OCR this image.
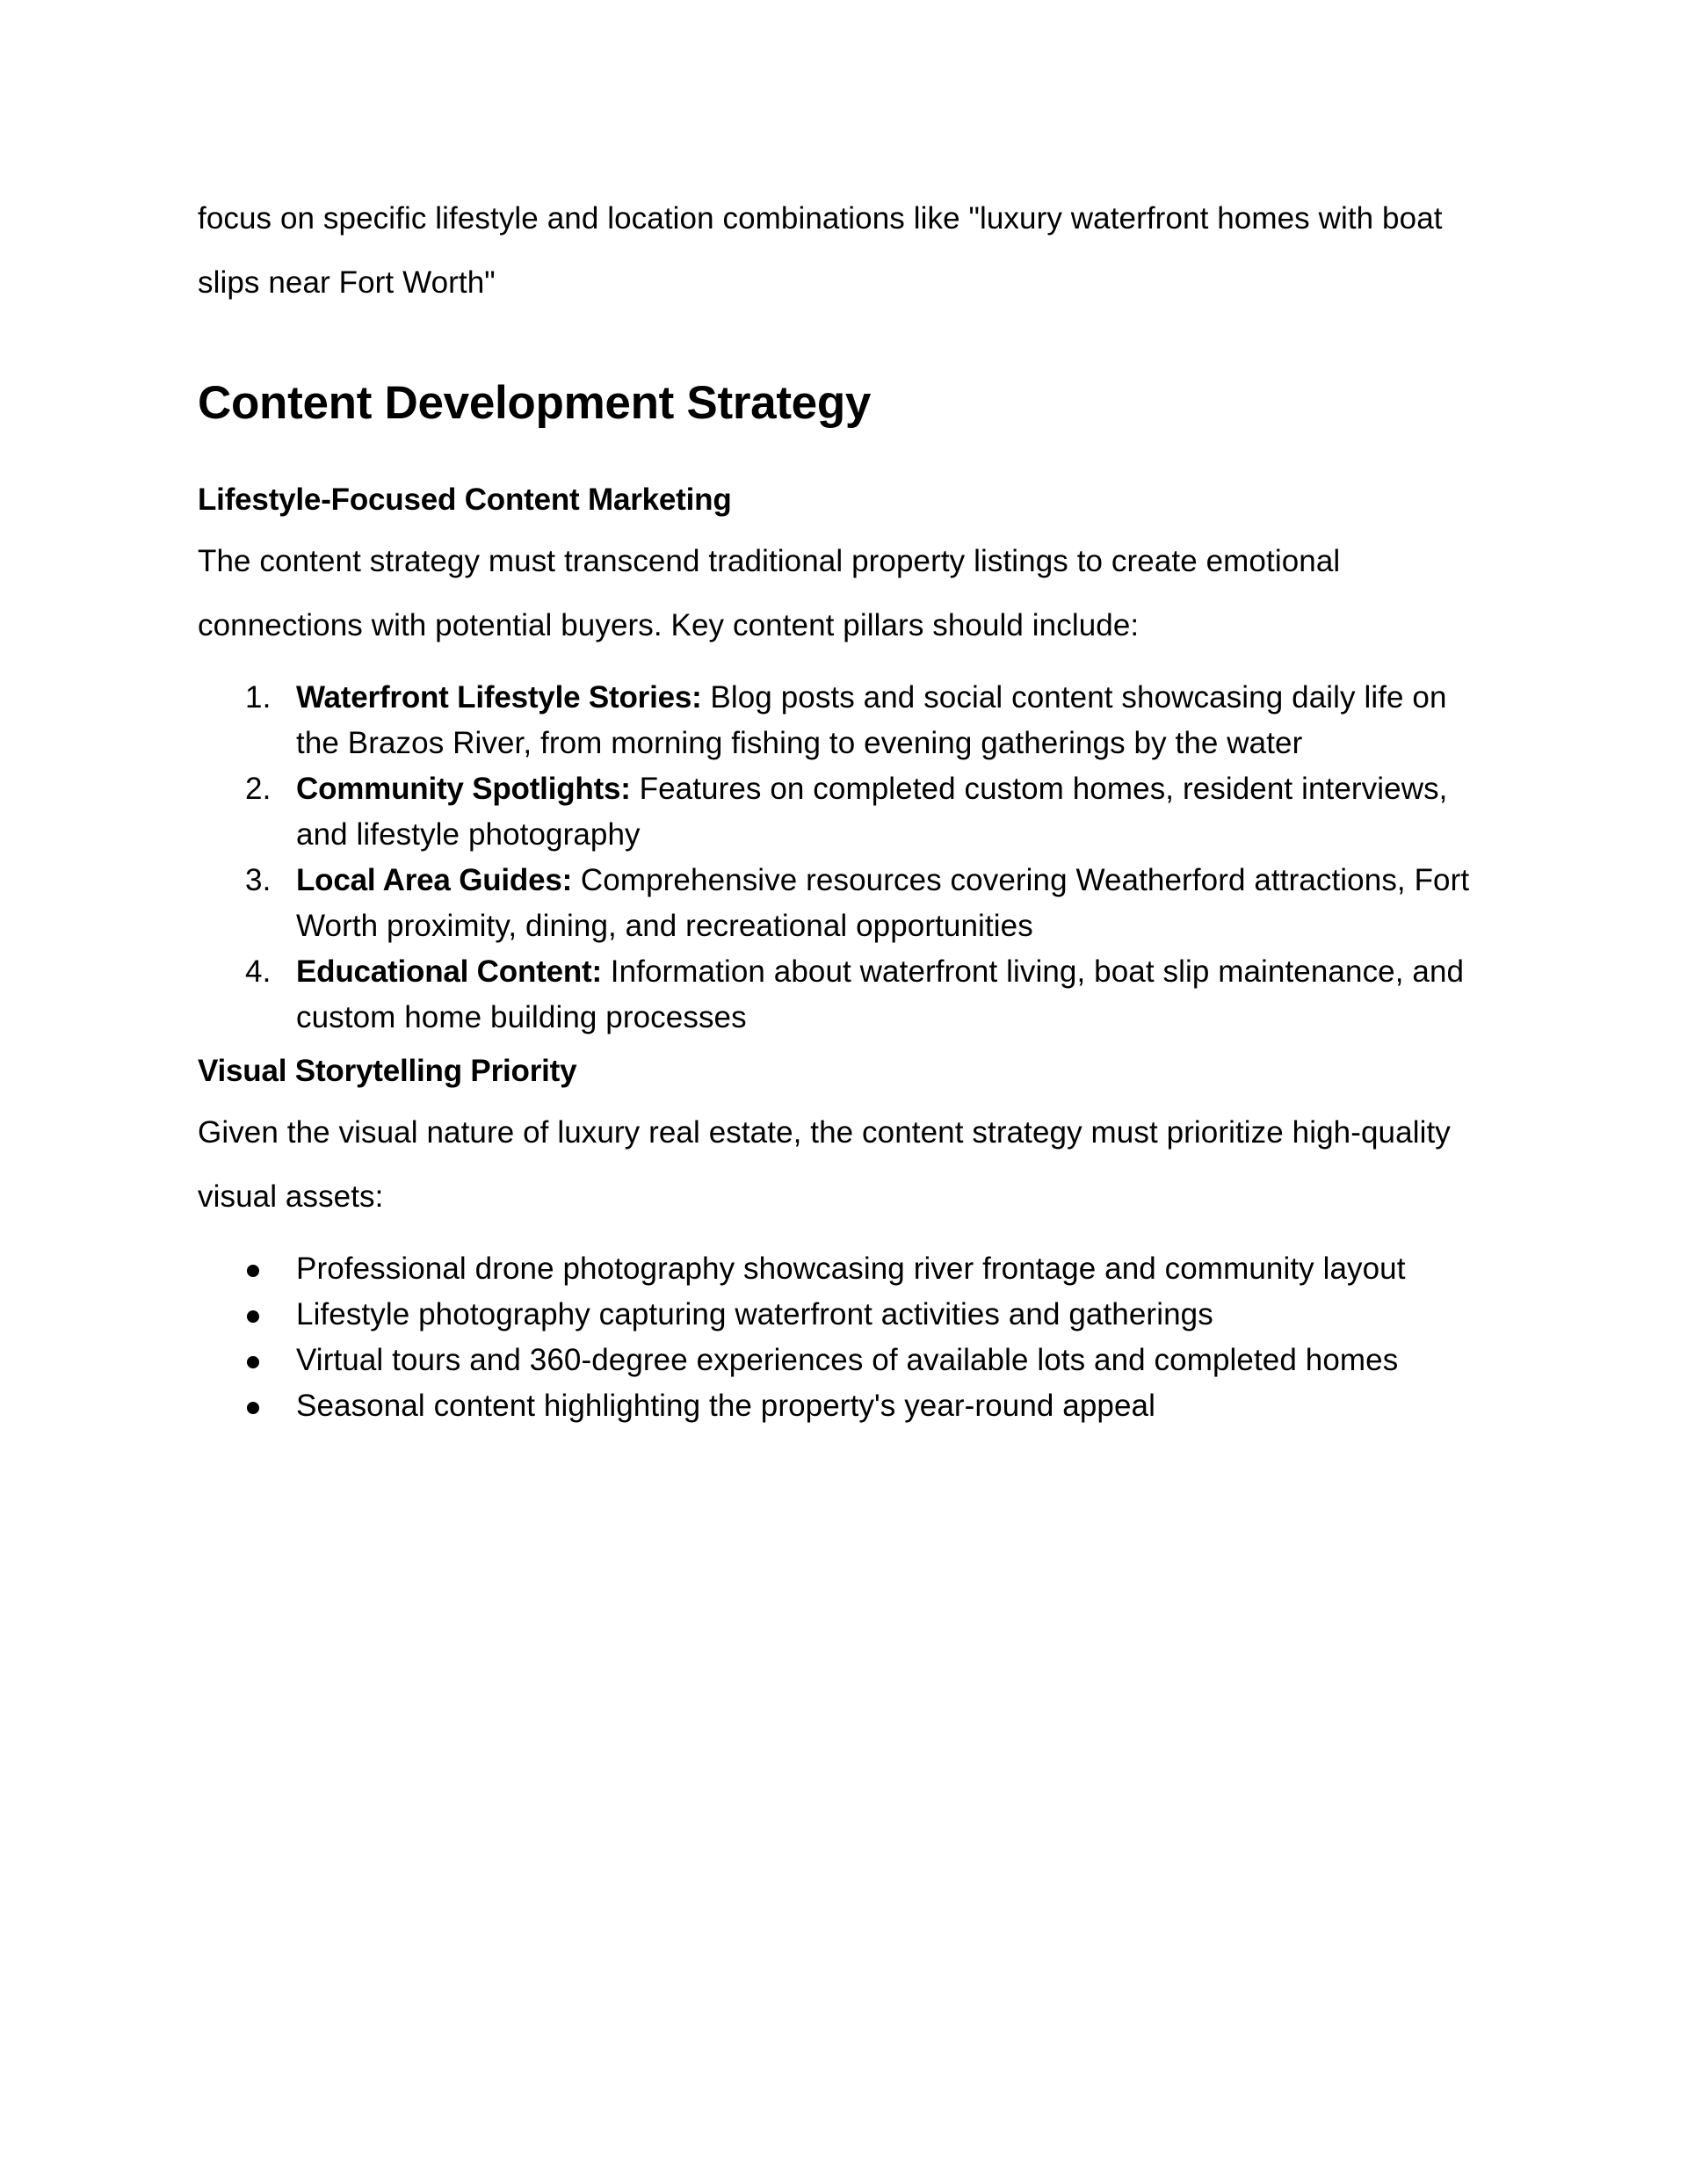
focus on specific lifestyle and location combinations like "luxury waterfront homes with boat slips near Fort Worth"

Content Development Strategy
Lifestyle-Focused Content Marketing

The content strategy must transcend traditional property listings to create emotional connections with potential buyers. Key content pillars should include:

1. Waterfront Lifestyle Stories: Blog posts and social content showcasing daily life on the Brazos River, from morning fishing to evening gatherings by the water
2. Community Spotlights: Features on completed custom homes, resident interviews, and lifestyle photography
3. Local Area Guides: Comprehensive resources covering Weatherford attractions, Fort Worth proximity, dining, and recreational opportunities
4. Educational Content: Information about waterfront living, boat slip maintenance, and custom home building processes
Visual Storytelling Priority

Given the visual nature of luxury real estate, the content strategy must prioritize high-quality visual assets:

Professional drone photography showcasing river frontage and community layout
Lifestyle photography capturing waterfront activities and gatherings
Virtual tours and 360-degree experiences of available lots and completed homes
Seasonal content highlighting the property's year-round appeal
